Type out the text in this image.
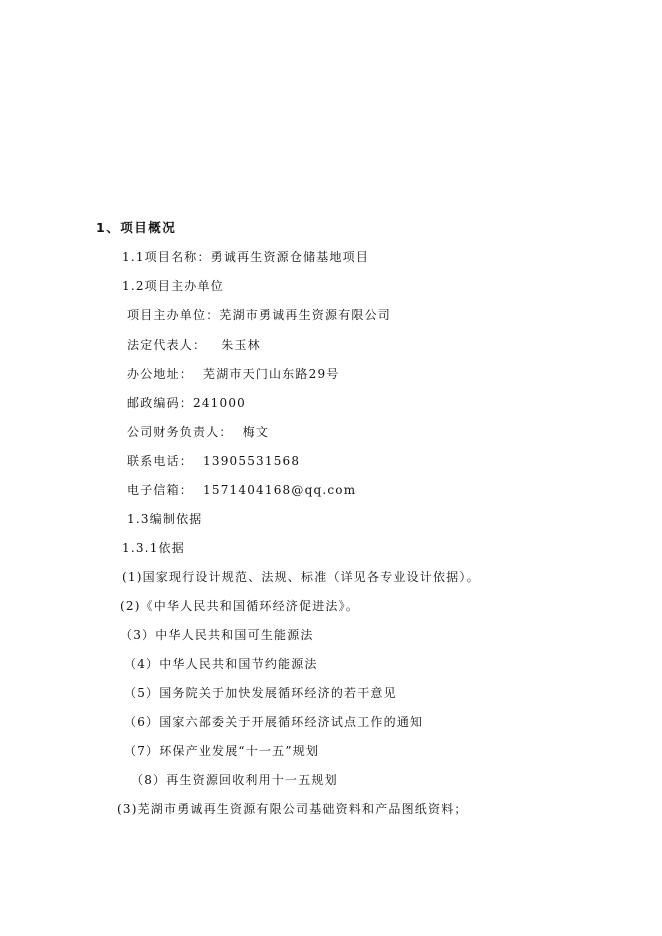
1、项目概况
1.1项目名称：勇诚再生资源仓储基地项目
1.2项目主办单位
项目主办单位：芜湖市勇诚再生资源有限公司
法定代表人：   朱玉林
办公地址：  芜湖市天门山东路29号
邮政编码：241000
公司财务负责人：  梅文
联系电话：  13905531568
电子信箱：  1571404168@qq.com
1.3编制依据
1.3.1依据
(1)国家现行设计规范、法规、标准（详见各专业设计依据）。
(2)《中华人民共和国循环经济促进法》。
（3）中华人民共和国可生能源法
（4）中华人民共和国节约能源法
（5）国务院关于加快发展循环经济的若干意见
（6）国家六部委关于开展循环经济试点工作的通知
（7）环保产业发展“十一五”规划
（8）再生资源回收利用十一五规划
(3)芜湖市勇诚再生资源有限公司基础资料和产品图纸资料；
